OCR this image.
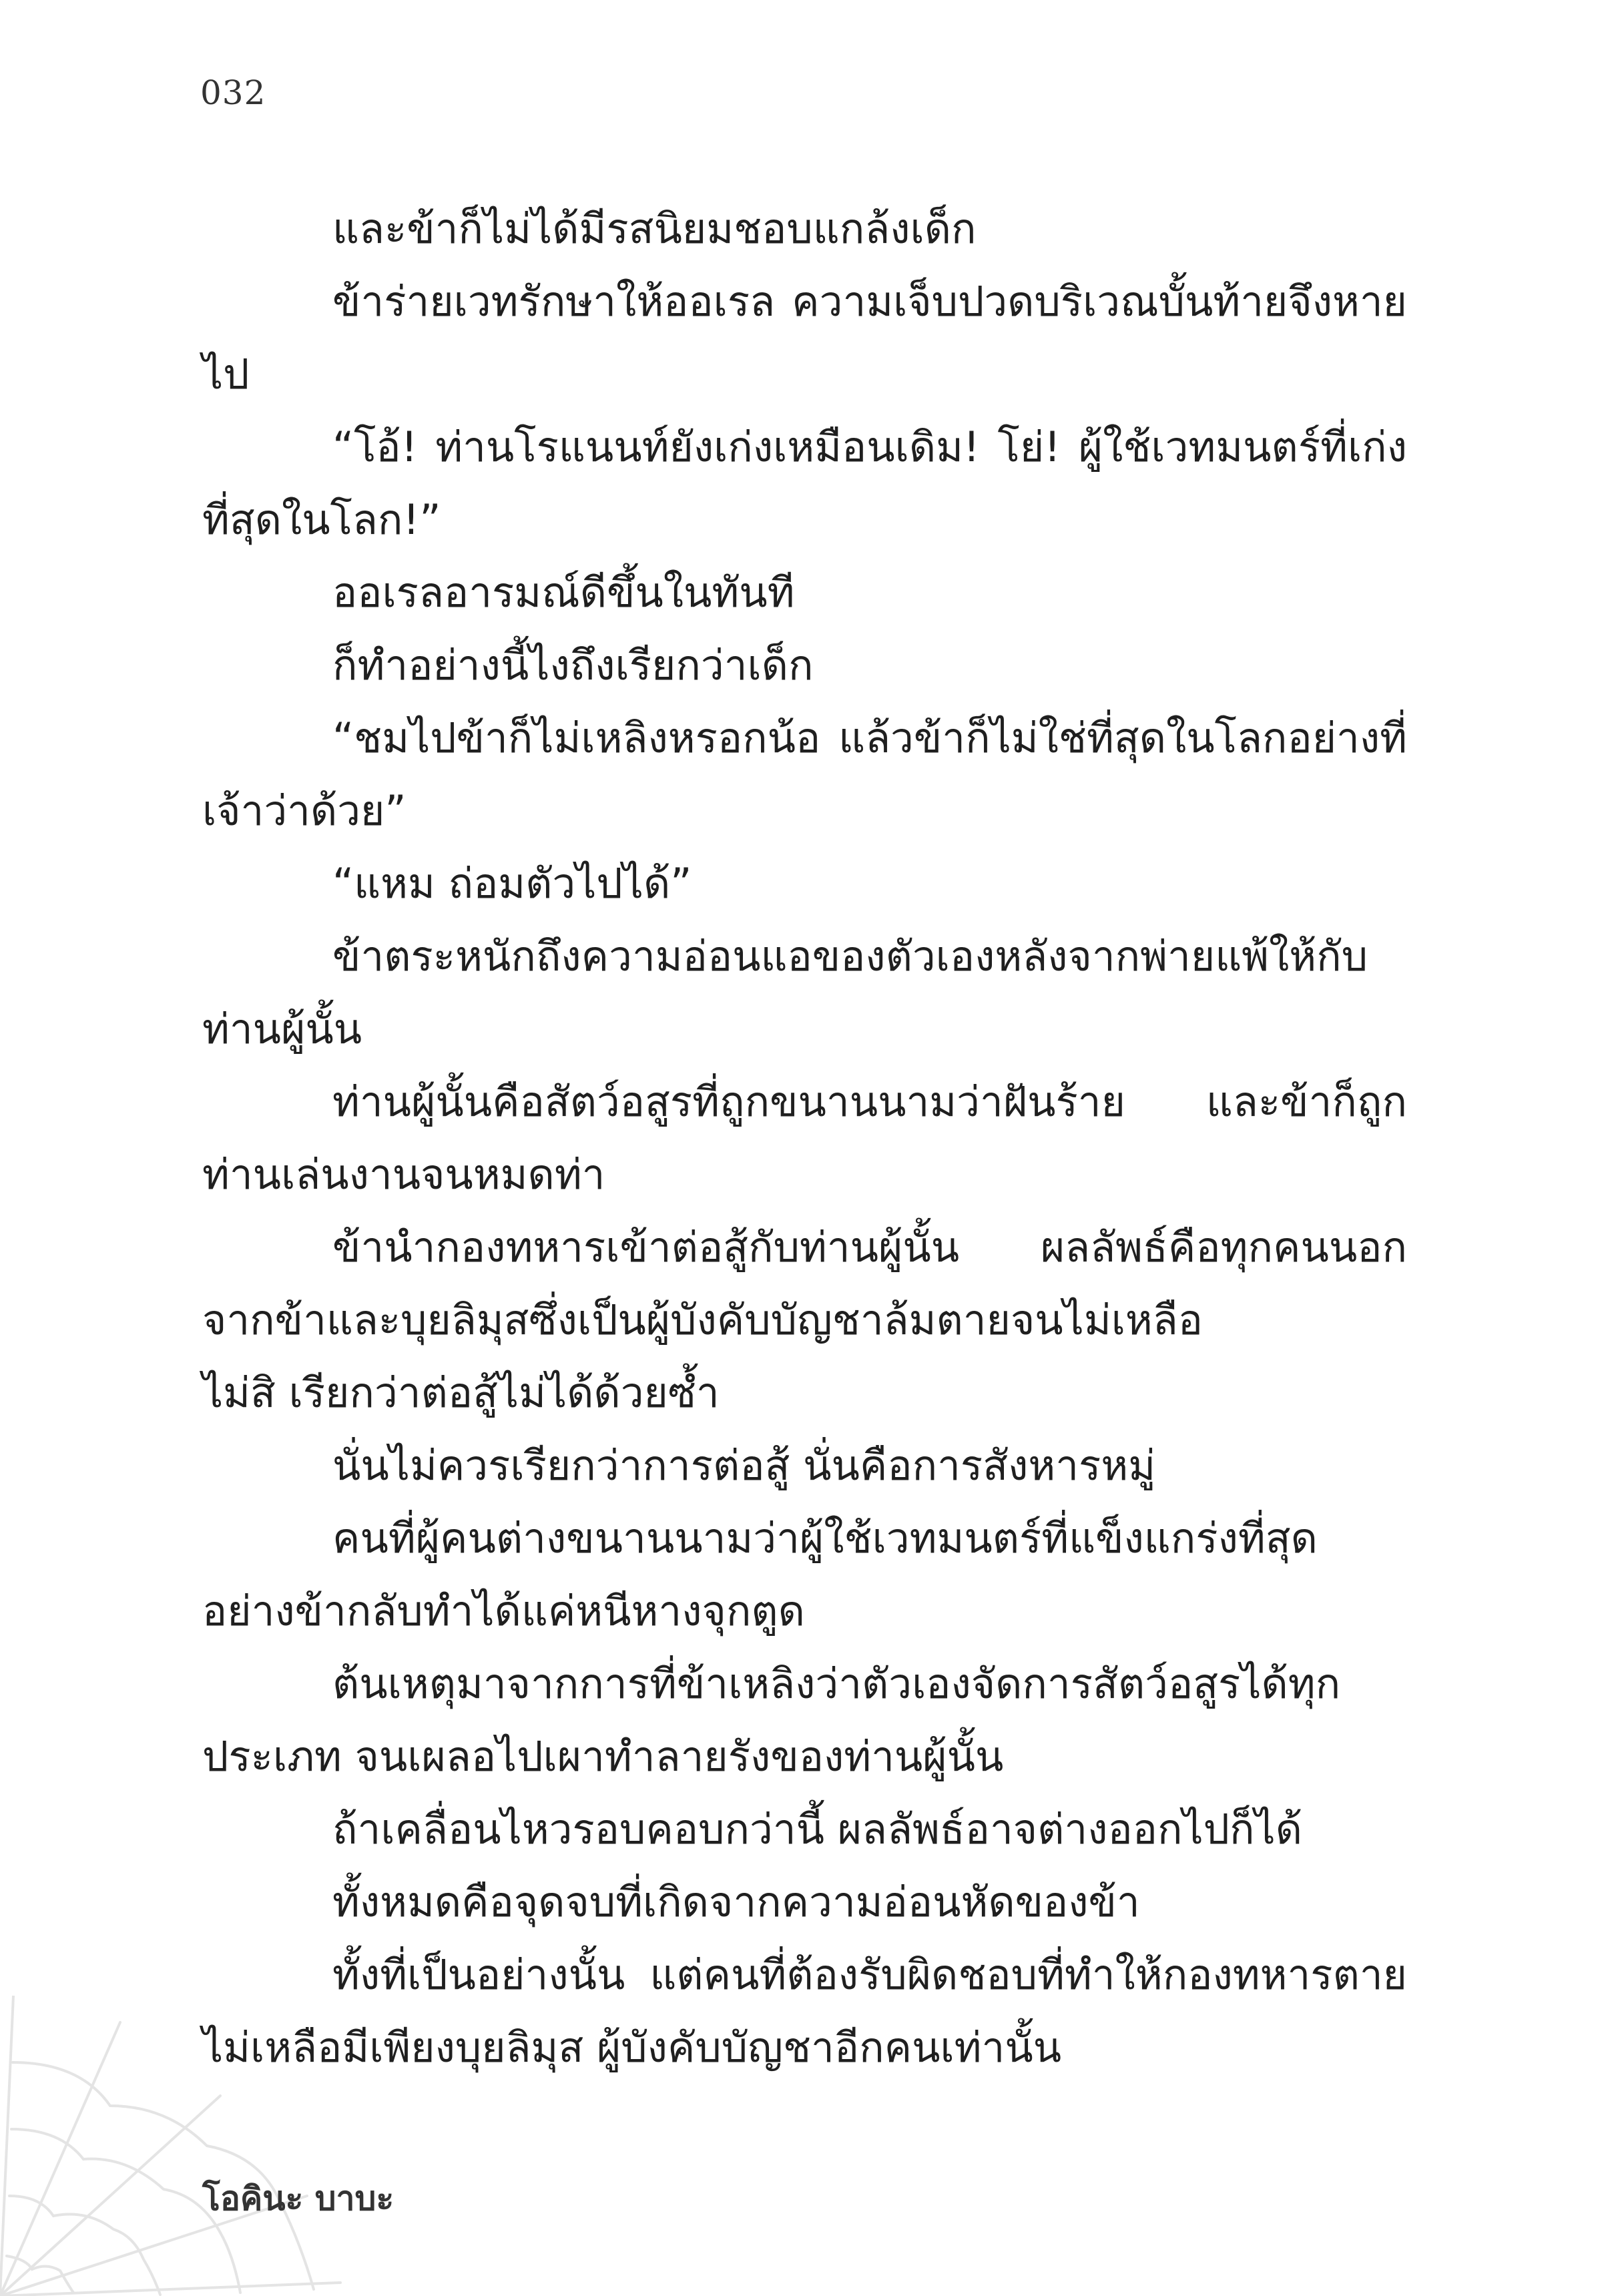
032

และข้าก็ไม่ได้มีรสนิยมชอบแกล้งเด็ก

ข้าร่ายเวทรักษาให้ออเรล ความเจ็บปวดบริเวณบั้นท้ายจึงหายไป

“โอ้! ท่านโรแนนท์ยังเก่งเหมือนเดิม! โย่! ผู้ใช้เวทมนตร์ที่เก่งที่สุดในโลก!”

ออเรลอารมณ์ดีขึ้นในทันที

ก็ทำอย่างนี้ไงถึงเรียกว่าเด็ก

“ชมไปข้าก็ไม่เหลิงหรอกน้อ แล้วข้าก็ไม่ใช่ที่สุดในโลกอย่างที่เจ้าว่าด้วย”

“แหม ถ่อมตัวไปได้”

ข้าตระหนักถึงความอ่อนแอของตัวเองหลังจากพ่ายแพ้ให้กับท่านผู้นั้น

ท่านผู้นั้นคือสัตว์อสูรที่ถูกขนานนามว่าฝันร้าย และข้าก็ถูกท่านเล่นงานจนหมดท่า

ข้านำกองทหารเข้าต่อสู้กับท่านผู้นั้น ผลลัพธ์คือทุกคนนอกจากข้าและบุยลิมุสซึ่งเป็นผู้บังคับบัญชาล้มตายจนไม่เหลือ

ไม่สิ เรียกว่าต่อสู้ไม่ได้ด้วยซ้ำ

นั่นไม่ควรเรียกว่าการต่อสู้ นั่นคือการสังหารหมู่

คนที่ผู้คนต่างขนานนามว่าผู้ใช้เวทมนตร์ที่แข็งแกร่งที่สุดอย่างข้ากลับทำได้แค่หนีหางจุกตูด

ต้นเหตุมาจากการที่ข้าเหลิงว่าตัวเองจัดการสัตว์อสูรได้ทุกประเภท จนเผลอไปเผาทำลายรังของท่านผู้นั้น

ถ้าเคลื่อนไหวรอบคอบกว่านี้ ผลลัพธ์อาจต่างออกไปก็ได้

ทั้งหมดคือจุดจบที่เกิดจากความอ่อนหัดของข้า

ทั้งที่เป็นอย่างนั้น แต่คนที่ต้องรับผิดชอบที่ทำให้กองทหารตายไม่เหลือมีเพียงบุยลิมุส ผู้บังคับบัญชาอีกคนเท่านั้น

โอคินะ บาบะ
